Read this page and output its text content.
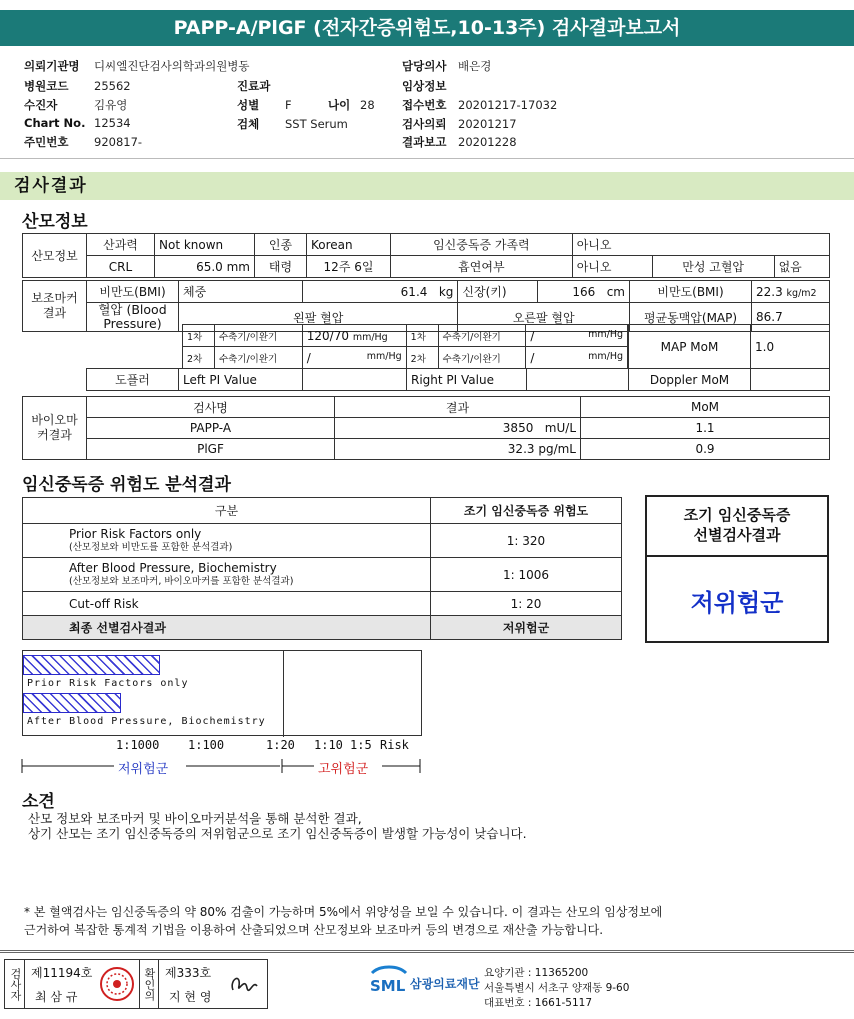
PAPP-A/PlGF (전자간증위험도,10-13주) 검사결과보고서
의뢰기관명 디씨엘진단검사의학과의원병동	담당의사 배은경
병원코드 25562	진료과	임상정보
수진자	김유영	성별 F	나이 28 접수번호 20201217-17032
Chart No. 12534	검체 SST Serum	검사의뢰 20201217
주민번호 920817-	결과보고 20201228
검사결과
산모정보
산모정보	산과력	Not known	인종	Korean	임신중독증 가족력	아니오		
	CRL	65.0 mm	태령	12주 6일	흡연여부	아니오	만성 고혈압	없음
보조마커결과	비만도(BMI)	체중	61.4 kg	신장(키)	166 cm	비만도(BMI)	22.3 kg/m2
	혈압 (Blood Pressure)	왼팔 혈압		오른팔 혈압		평균동맥압(MAP)	86.7
1차	수축기/이완기	120/70 mm/Hg	1차	수축기/이완기	/ mm/Hg

2차	수축기/이완기	/ mm/Hg	2차	수축기/이완기	/ mm/Hg
MAP MoM	1.0
도플러	Left PI Value		Right PI Value		Doppler MoM	
바이오마커결과	검사명	결과	MoM
	PAPP-A	3850 mU/L	1.1
	PlGF	32.3 pg/mL	0.9
임신중독증 위험도 분석결과
구분	조기 임신중독증 위험도

Prior Risk Factors only
(산모정보와 비만도를 포함한 분석결과)	1: 320

After Blood Pressure, Biochemistry
(산모정보와 보조마커, 바이오마커를 포함한 분석결과)	1: 1006
Cut-off Risk	1: 20
최종 선별검사결과	저위험군
조기 임신중독증
선별검사결과
저위험군
Prior Risk Factors only
After Blood Pressure, Biochemistry
1:1000 1:100	1:20 1:10 1:5 Risk
저위험군	고위험군
소견
산모 정보와 보조마커 및 바이오마커분석을 통해 분석한 결과,
상기 산모는 조기 임신중독증의 저위험군으로 조기 임신중독증이 발생할 가능성이 낮습니다.
* 본 혈액검사는 임신중독증의 약 80% 검출이 가능하며 5%에서 위양성을 보일 수 있습니다. 이 결과는 산모의 임상정보에
근거하여 복잡한 통계적 기법을 이용하여 산출되었으며 산모정보와 보조마커 등의 변경으로 재산출 가능합니다.
검사자 제11194호
최 삼 규	확인의 제333호
지 현 영
SML 삼광의료재단
요양기관 : 11365200
서울특별시 서초구 양재동 9-60
대표번호 : 1661-5117
